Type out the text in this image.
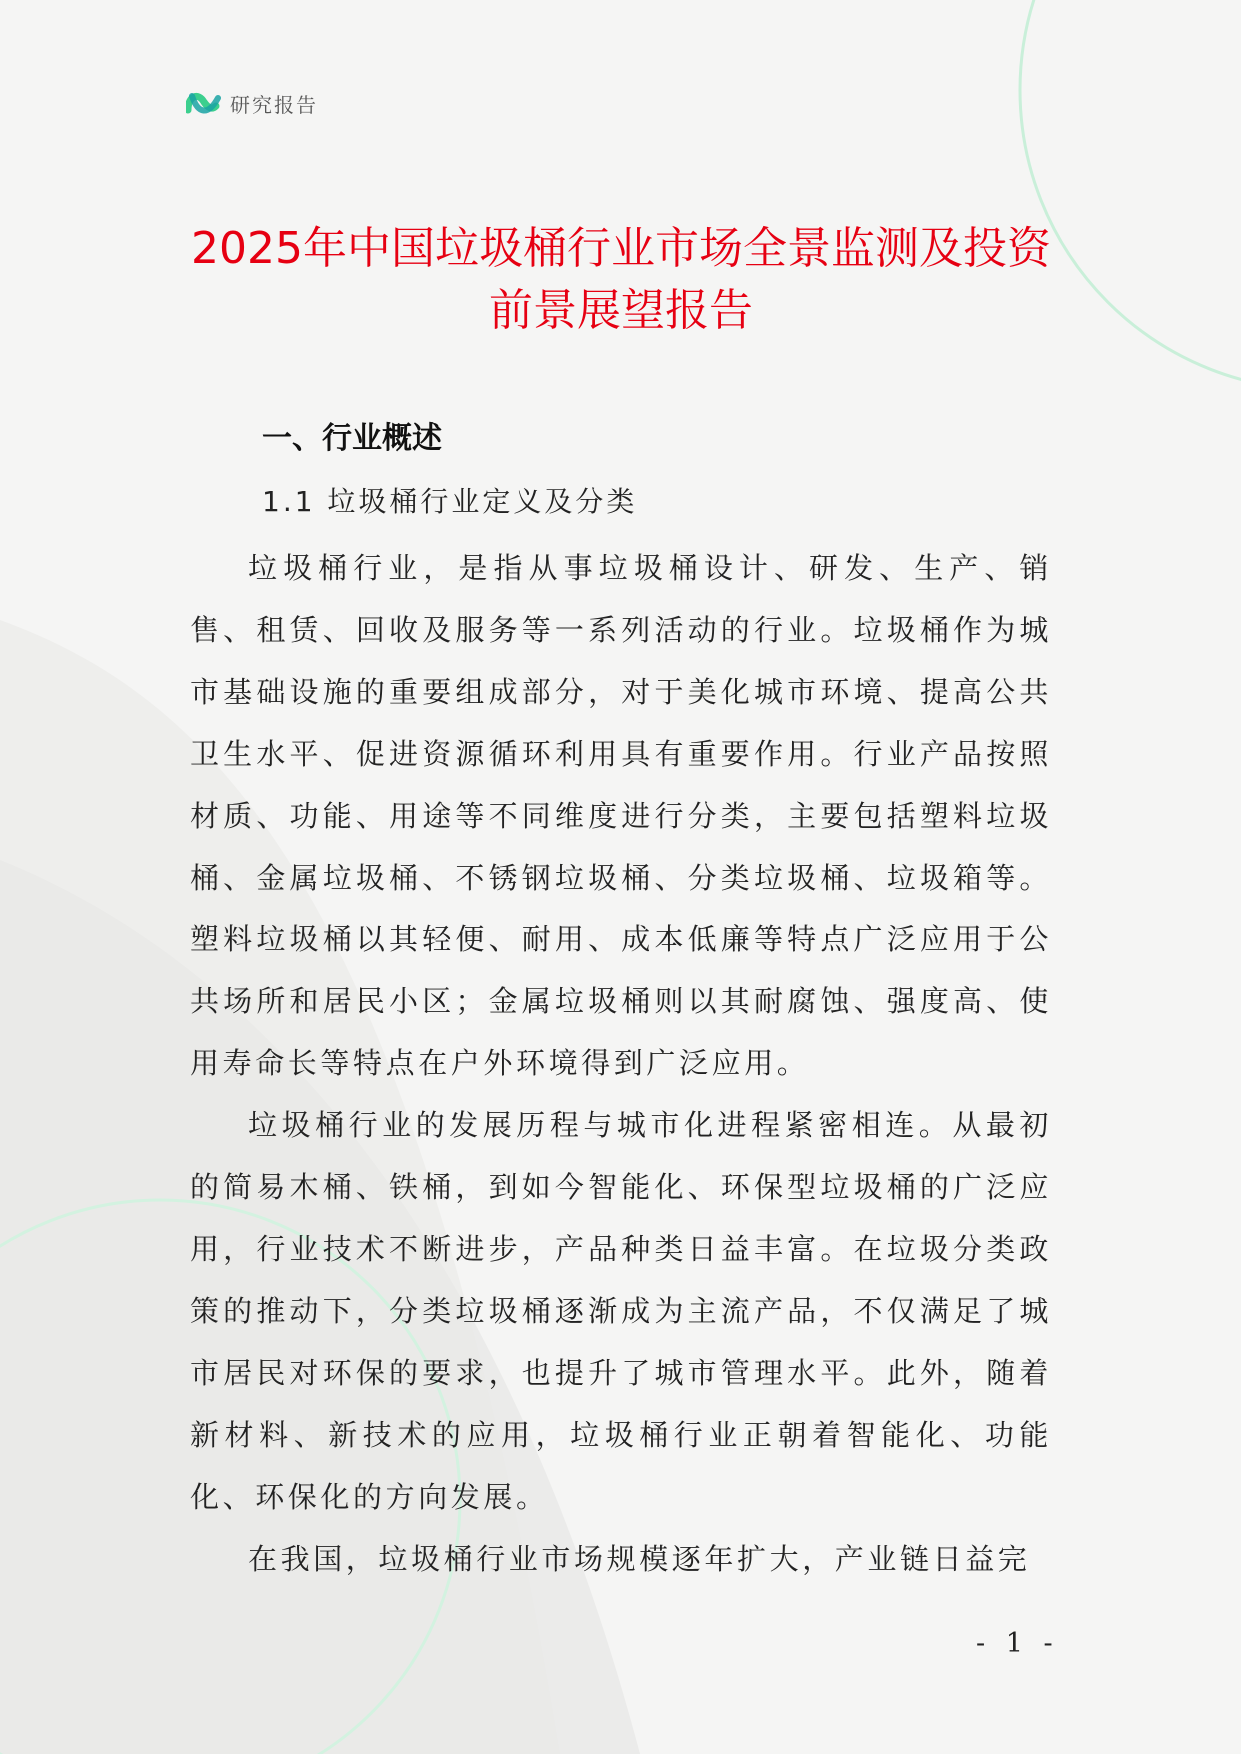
研究报告
2025年中国垃圾桶行业市场全景监测及投资前景展望报告
一、行业概述
1.1 垃圾桶行业定义及分类

垃圾桶行业，是指从事垃圾桶设计、研发、生产、销售、租赁、回收及服务等一系列活动的行业。垃圾桶作为城市基础设施的重要组成部分，对于美化城市环境、提高公共卫生水平、促进资源循环利用具有重要作用。行业产品按照材质、功能、用途等不同维度进行分类，主要包括塑料垃圾桶、金属垃圾桶、不锈钢垃圾桶、分类垃圾桶、垃圾箱等。塑料垃圾桶以其轻便、耐用、成本低廉等特点广泛应用于公共场所和居民小区；金属垃圾桶则以其耐腐蚀、强度高、使用寿命长等特点在户外环境得到广泛应用。

垃圾桶行业的发展历程与城市化进程紧密相连。从最初的简易木桶、铁桶，到如今智能化、环保型垃圾桶的广泛应用，行业技术不断进步，产品种类日益丰富。在垃圾分类政策的推动下，分类垃圾桶逐渐成为主流产品，不仅满足了城市居民对环保的要求，也提升了城市管理水平。此外，随着新材料、新技术的应用，垃圾桶行业正朝着智能化、功能化、环保化的方向发展。

在我国，垃圾桶行业市场规模逐年扩大，产业链日益完

- 1 -
